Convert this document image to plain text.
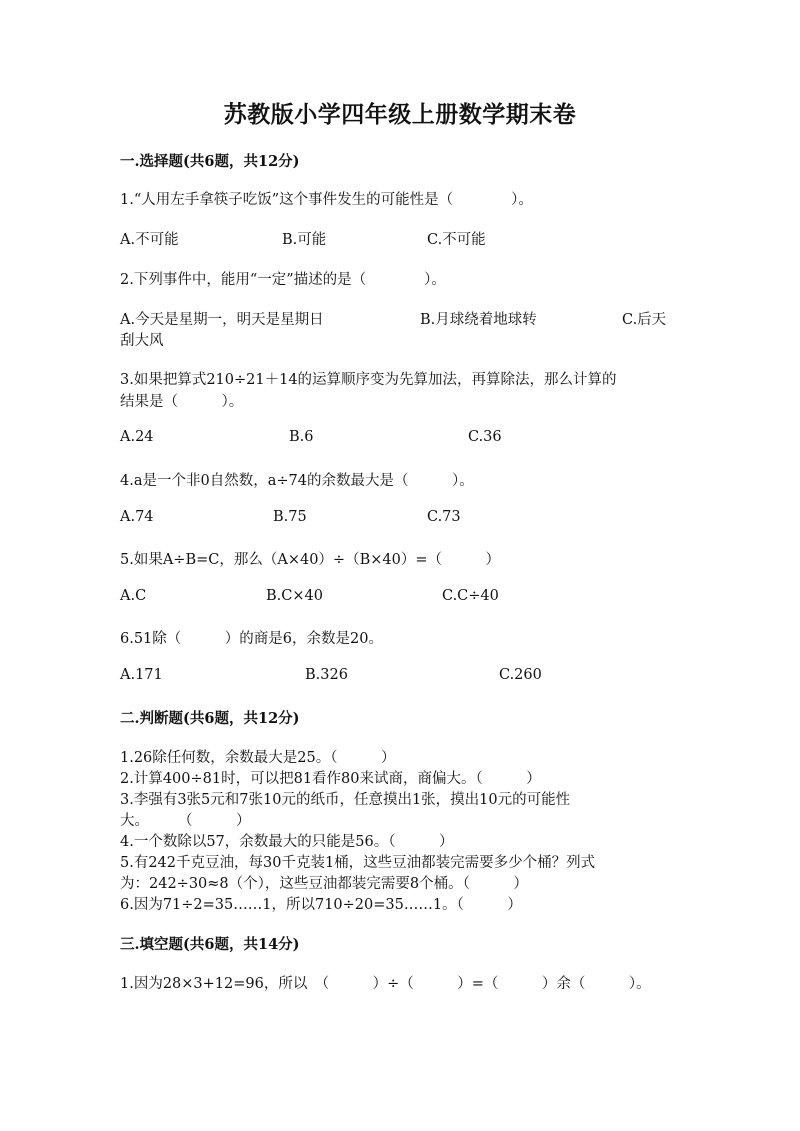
苏教版小学四年级上册数学期末卷
一.选择题(共6题，共12分)
1.“人用左手拿筷子吃饭”这个事件发生的可能性是（　　　　）。
A.不可能	B.可能	C.不可能
2.下列事件中，能用“一定”描述的是（　　　　）。
A.今天是星期一，明天是星期日	B.月球绕着地球转	C.后天
刮大风
3.如果把算式210÷21＋14的运算顺序变为先算加法，再算除法，那么计算的
结果是（　　　）。
A.24	B.6	C.36
4.a是一个非0自然数，a÷74的余数最大是（　　　）。
A.74	B.75	C.73
5.如果A÷B=C，那么（A×40）÷（B×40）=（　　　）
A.C	B.C×40	C.C÷40
6.51除（　　　）的商是6，余数是20。
A.171	B.326	C.260
二.判断题(共6题，共12分)
1.26除任何数，余数最大是25。（　　　）
2.计算400÷81时，可以把81看作80来试商，商偏大。（　　　）
3.李强有3张5元和7张10元的纸币，任意摸出1张，摸出10元的可能性
大。　　　（　　　）
4.一个数除以57，余数最大的只能是56。（　　　）
5.有242千克豆油，每30千克装1桶，这些豆油都装完需要多少个桶？列式
为：242÷30≈8（个），这些豆油都装完需要8个桶。（　　　）
6.因为71÷2=35……1，所以710÷20=35……1。（　　　）
三.填空题(共6题，共14分)
1.因为28×3+12=96，所以　（　　　）÷（　　　）=（　　　）余（　　　）。
